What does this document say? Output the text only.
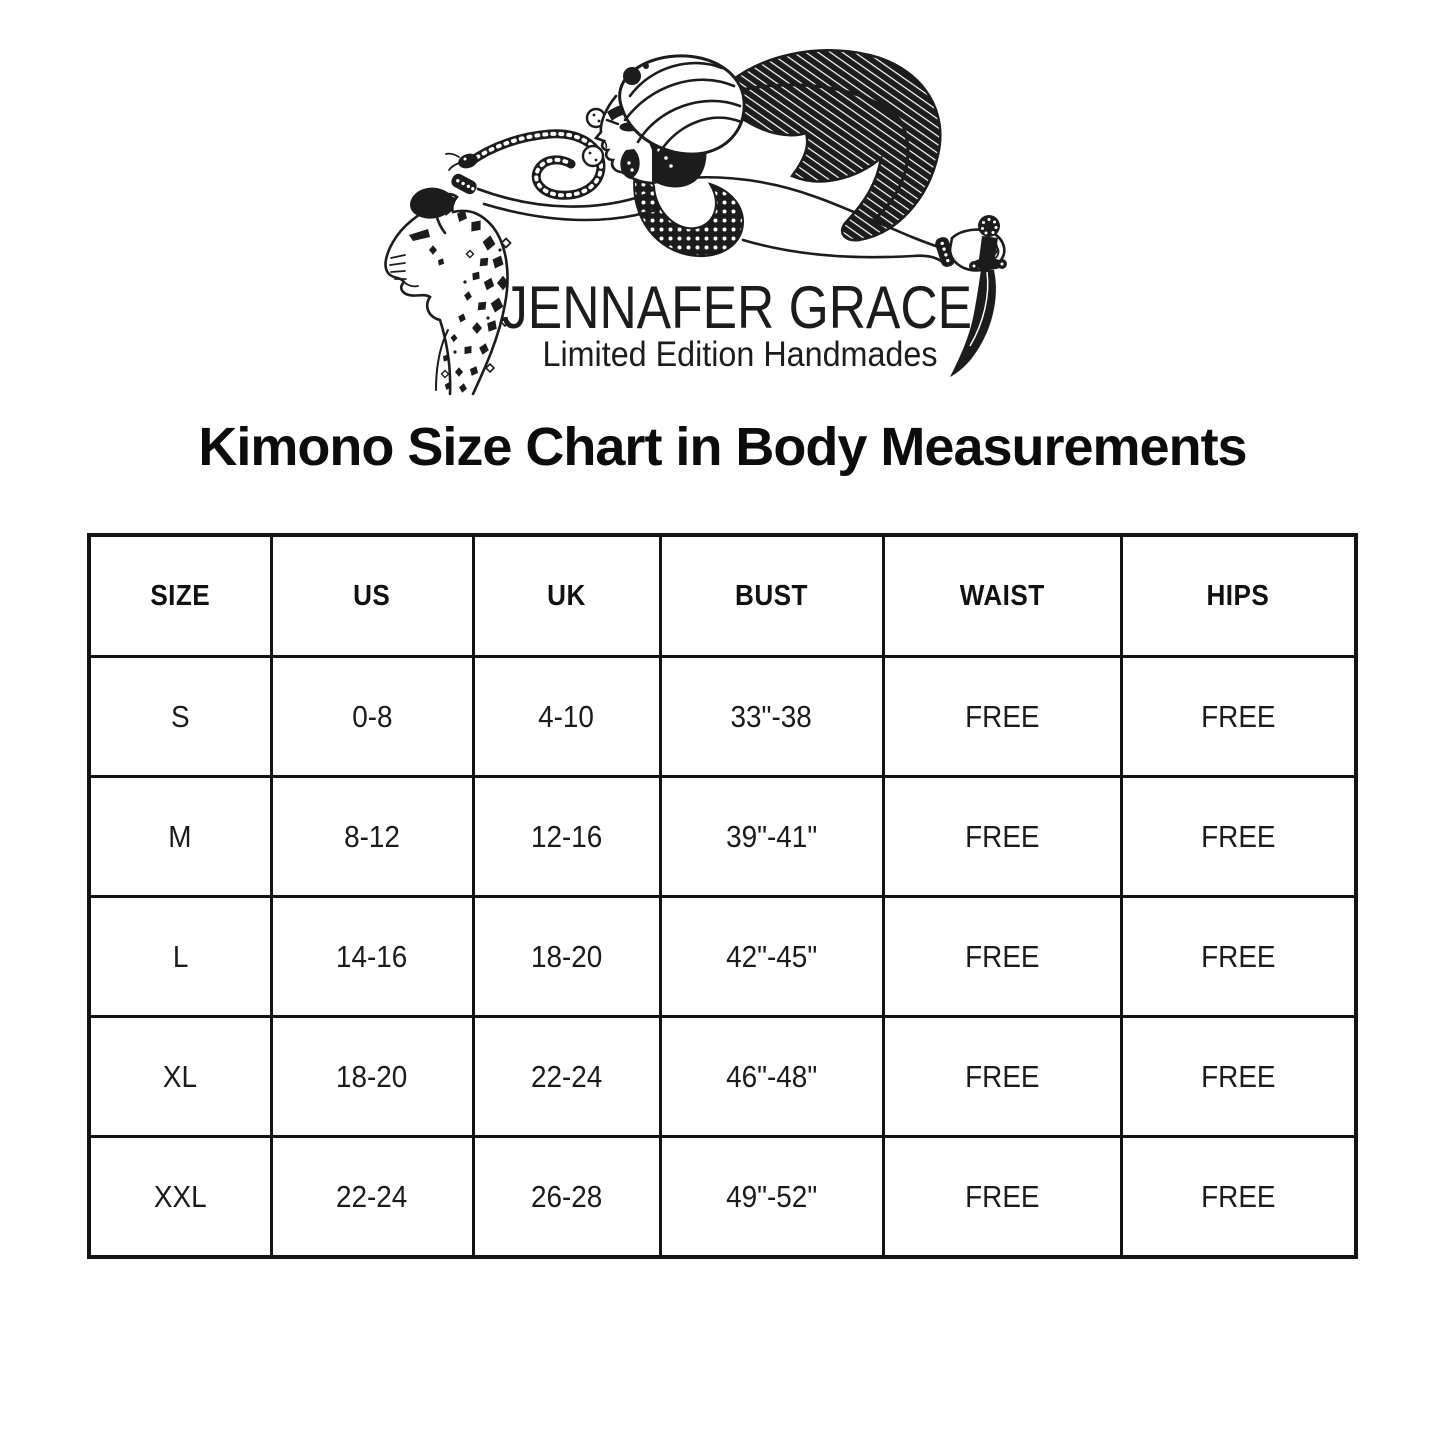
JENNAFER GRACE
Limited Edition Handmades
Kimono Size Chart in Body Measurements
SIZE	US	UK	BUST	WAIST	HIPS
S	0-8	4-10	33"-38	FREE	FREE
M	8-12	12-16	39"-41"	FREE	FREE
L	14-16	18-20	42"-45"	FREE	FREE
XL	18-20	22-24	46"-48"	FREE	FREE
XXL	22-24	26-28	49"-52"	FREE	FREE
